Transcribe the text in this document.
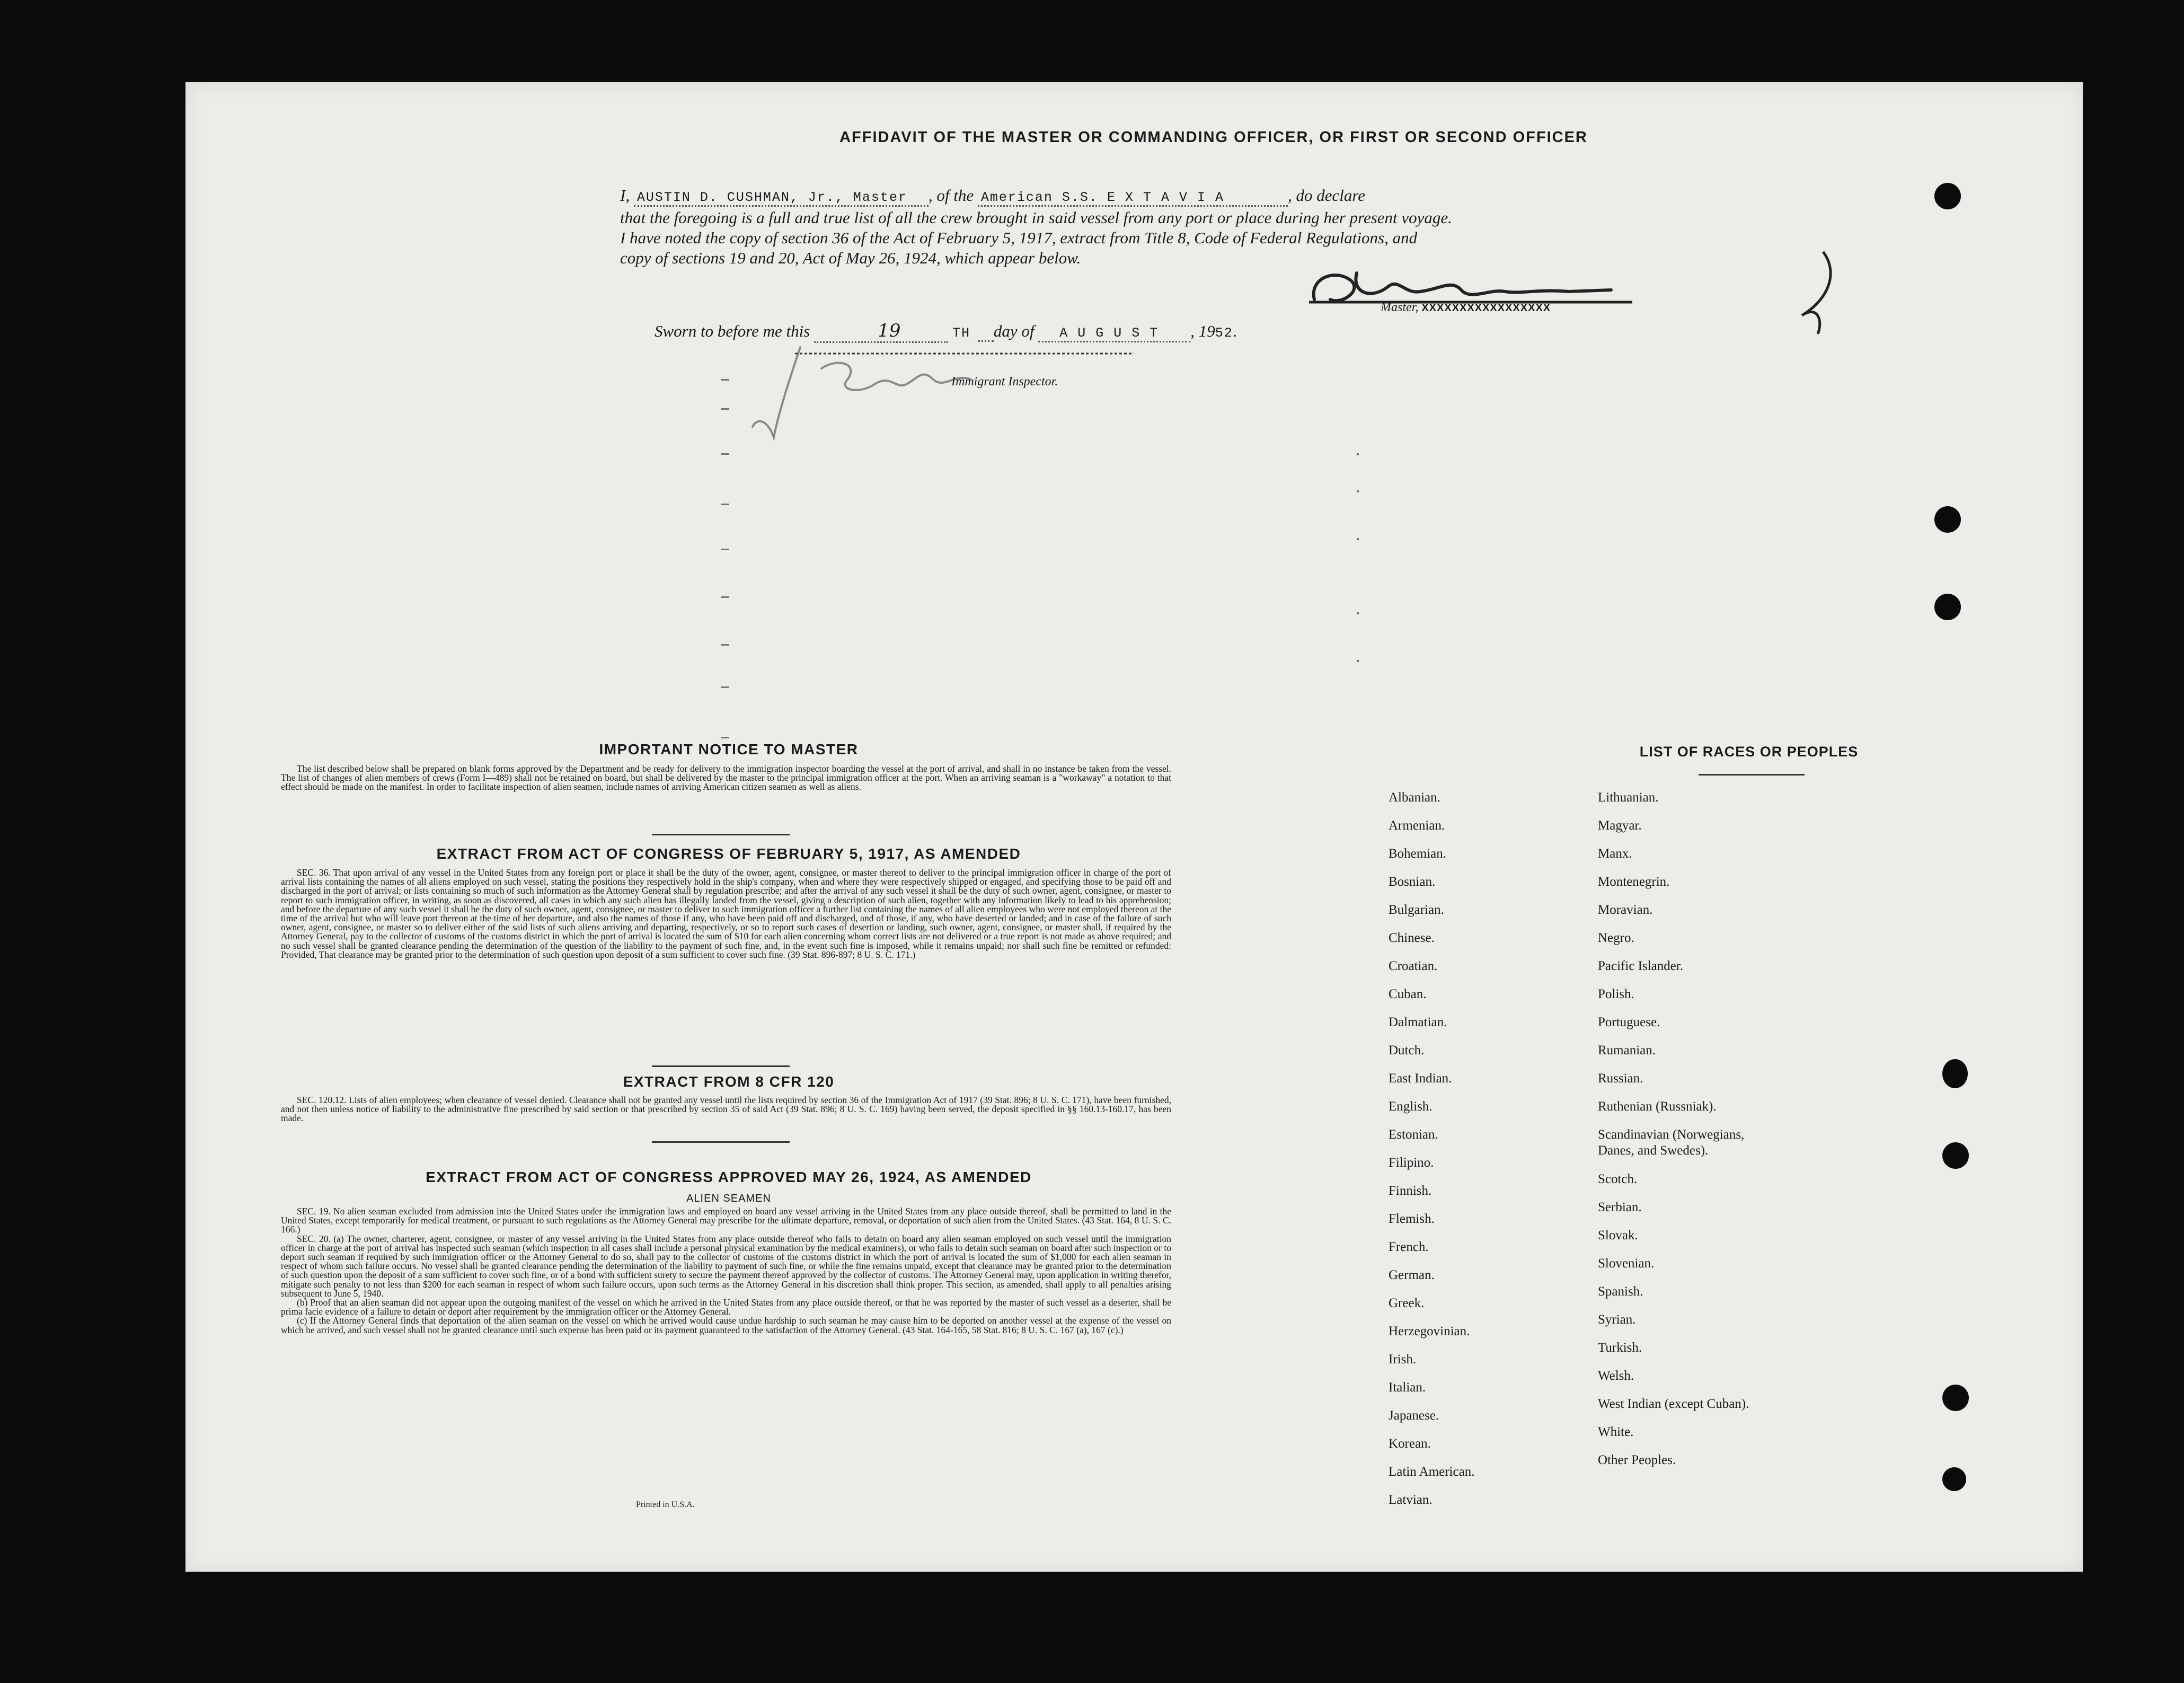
AFFIDAVIT OF THE MASTER OR COMMANDING OFFICER, OR FIRST OR SECOND OFFICER
I, AUSTIN D. CUSHMAN, Jr., Master , of the American S.S. E X T A V I A	, do declare
that the foregoing is a full and true list of all the crew brought in said vessel from any port or place during her present voyage.
I have noted the copy of section 36 of the Act of February 5, 1917, extract from Title 8, Code of Federal Regulations, and
copy of sections 19 and 20, Act of May 26, 1924, which appear below.
Master, XXXXXXXXXXXXXXXXX
Sworn to before me this	19	TH day of A U G U S T , 1952.
Immigrant Inspector.
IMPORTANT NOTICE TO MASTER

The list described below shall be prepared on blank forms approved by the Department and be ready for delivery to the immigration inspector boarding the vessel at the port of arrival, and shall in no instance be taken from the vessel. The list of changes of alien members of crews (Form I—489) shall not be retained on board, but shall be delivered by the master to the principal immigration officer at the port. When an arriving seaman is a "workaway" a notation to that effect should be made on the manifest. In order to facilitate inspection of alien seamen, include names of arriving American citizen seamen as well as aliens.

EXTRACT FROM ACT OF CONGRESS OF FEBRUARY 5, 1917, AS AMENDED

SEC. 36. That upon arrival of any vessel in the United States from any foreign port or place it shall be the duty of the owner, agent, consignee, or master thereof to deliver to the principal immigration officer in charge of the port of arrival lists containing the names of all aliens employed on such vessel, stating the positions they respectively hold in the ship's company, when and where they were respectively shipped or engaged, and specifying those to be paid off and discharged in the port of arrival; or lists containing so much of such information as the Attorney General shall by regulation prescribe; and after the arrival of any such vessel it shall be the duty of such owner, agent, consignee, or master to report to such immigration officer, in writing, as soon as discovered, all cases in which any such alien has illegally landed from the vessel, giving a description of such alien, together with any information likely to lead to his apprehension; and before the departure of any such vessel it shall be the duty of such owner, agent, consignee, or master to deliver to such immigration officer a further list containing the names of all alien employees who were not employed thereon at the time of the arrival but who will leave port thereon at the time of her departure, and also the names of those if any, who have been paid off and discharged, and of those, if any, who have deserted or landed; and in case of the failure of such owner, agent, consignee, or master so to deliver either of the said lists of such aliens arriving and departing, respectively, or so to report such cases of desertion or landing, such owner, agent, consignee, or master shall, if required by the Attorney General, pay to the collector of customs of the customs district in which the port of arrival is located the sum of $10 for each alien concerning whom correct lists are not delivered or a true report is not made as above required; and no such vessel shall be granted clearance pending the determination of the question of the liability to the payment of such fine, and, in the event such fine is imposed, while it remains unpaid; nor shall such fine be remitted or refunded: Provided, That clearance may be granted prior to the determination of such question upon deposit of a sum sufficient to cover such fine. (39 Stat. 896-897; 8 U. S. C. 171.)

EXTRACT FROM 8 CFR 120

SEC. 120.12. Lists of alien employees; when clearance of vessel denied. Clearance shall not be granted any vessel until the lists required by section 36 of the Immigration Act of 1917 (39 Stat. 896; 8 U. S. C. 171), have been furnished, and not then unless notice of liability to the administrative fine prescribed by said section or that prescribed by section 35 of said Act (39 Stat. 896; 8 U. S. C. 169) having been served, the deposit specified in §§ 160.13-160.17, has been made.

EXTRACT FROM ACT OF CONGRESS APPROVED MAY 26, 1924, AS AMENDED
ALIEN SEAMEN

SEC. 19. No alien seaman excluded from admission into the United States under the immigration laws and employed on board any vessel arriving in the United States from any place outside thereof, shall be permitted to land in the United States, except temporarily for medical treatment, or pursuant to such regulations as the Attorney General may prescribe for the ultimate departure, removal, or deportation of such alien from the United States. (43 Stat. 164, 8 U. S. C. 166.)

SEC. 20. (a) The owner, charterer, agent, consignee, or master of any vessel arriving in the United States from any place outside thereof who fails to detain on board any alien seaman employed on such vessel until the immigration officer in charge at the port of arrival has inspected such seaman (which inspection in all cases shall include a personal physical examination by the medical examiners), or who fails to detain such seaman on board after such inspection or to deport such seaman if required by such immigration officer or the Attorney General to do so, shall pay to the collector of customs of the customs district in which the port of arrival is located the sum of $1,000 for each alien seaman in respect of whom such failure occurs. No vessel shall be granted clearance pending the determination of the liability to payment of such fine, or while the fine remains unpaid, except that clearance may be granted prior to the determination of such question upon the deposit of a sum sufficient to cover such fine, or of a bond with sufficient surety to secure the payment thereof approved by the collector of customs. The Attorney General may, upon application in writing therefor, mitigate such penalty to not less than $200 for each seaman in respect of whom such failure occurs, upon such terms as the Attorney General in his discretion shall think proper. This section, as amended, shall apply to all penalties arising subsequent to June 5, 1940.

(b) Proof that an alien seaman did not appear upon the outgoing manifest of the vessel on which he arrived in the United States from any place outside thereof, or that he was reported by the master of such vessel as a deserter, shall be prima facie evidence of a failure to detain or deport after requirement by the immigration officer or the Attorney General.

(c) If the Attorney General finds that deportation of the alien seaman on the vessel on which he arrived would cause undue hardship to such seaman he may cause him to be deported on another vessel at the expense of the vessel on which he arrived, and such vessel shall not be granted clearance until such expense has been paid or its payment guaranteed to the satisfaction of the Attorney General. (43 Stat. 164-165, 58 Stat. 816; 8 U. S. C. 167 (a), 167 (c).)

Printed in U.S.A.
LIST OF RACES OR PEOPLES
Albanian.
Armenian.
Bohemian.
Bosnian.
Bulgarian.
Chinese.
Croatian.
Cuban.
Dalmatian.
Dutch.
East Indian.
English.
Estonian.
Filipino.
Finnish.
Flemish.
French.
German.
Greek.
Herzegovinian.
Irish.
Italian.
Japanese.
Korean.
Latin American.
Latvian.
Lithuanian.
Magyar.
Manx.
Montenegrin.
Moravian.
Negro.
Pacific Islander.
Polish.
Portuguese.
Rumanian.
Russian.
Ruthenian (Russniak).
Scandinavian (Norwegians,
Danes, and Swedes).
Scotch.
Serbian.
Slovak.
Slovenian.
Spanish.
Syrian.
Turkish.
Welsh.
West Indian (except Cuban).
White.
Other Peoples.
